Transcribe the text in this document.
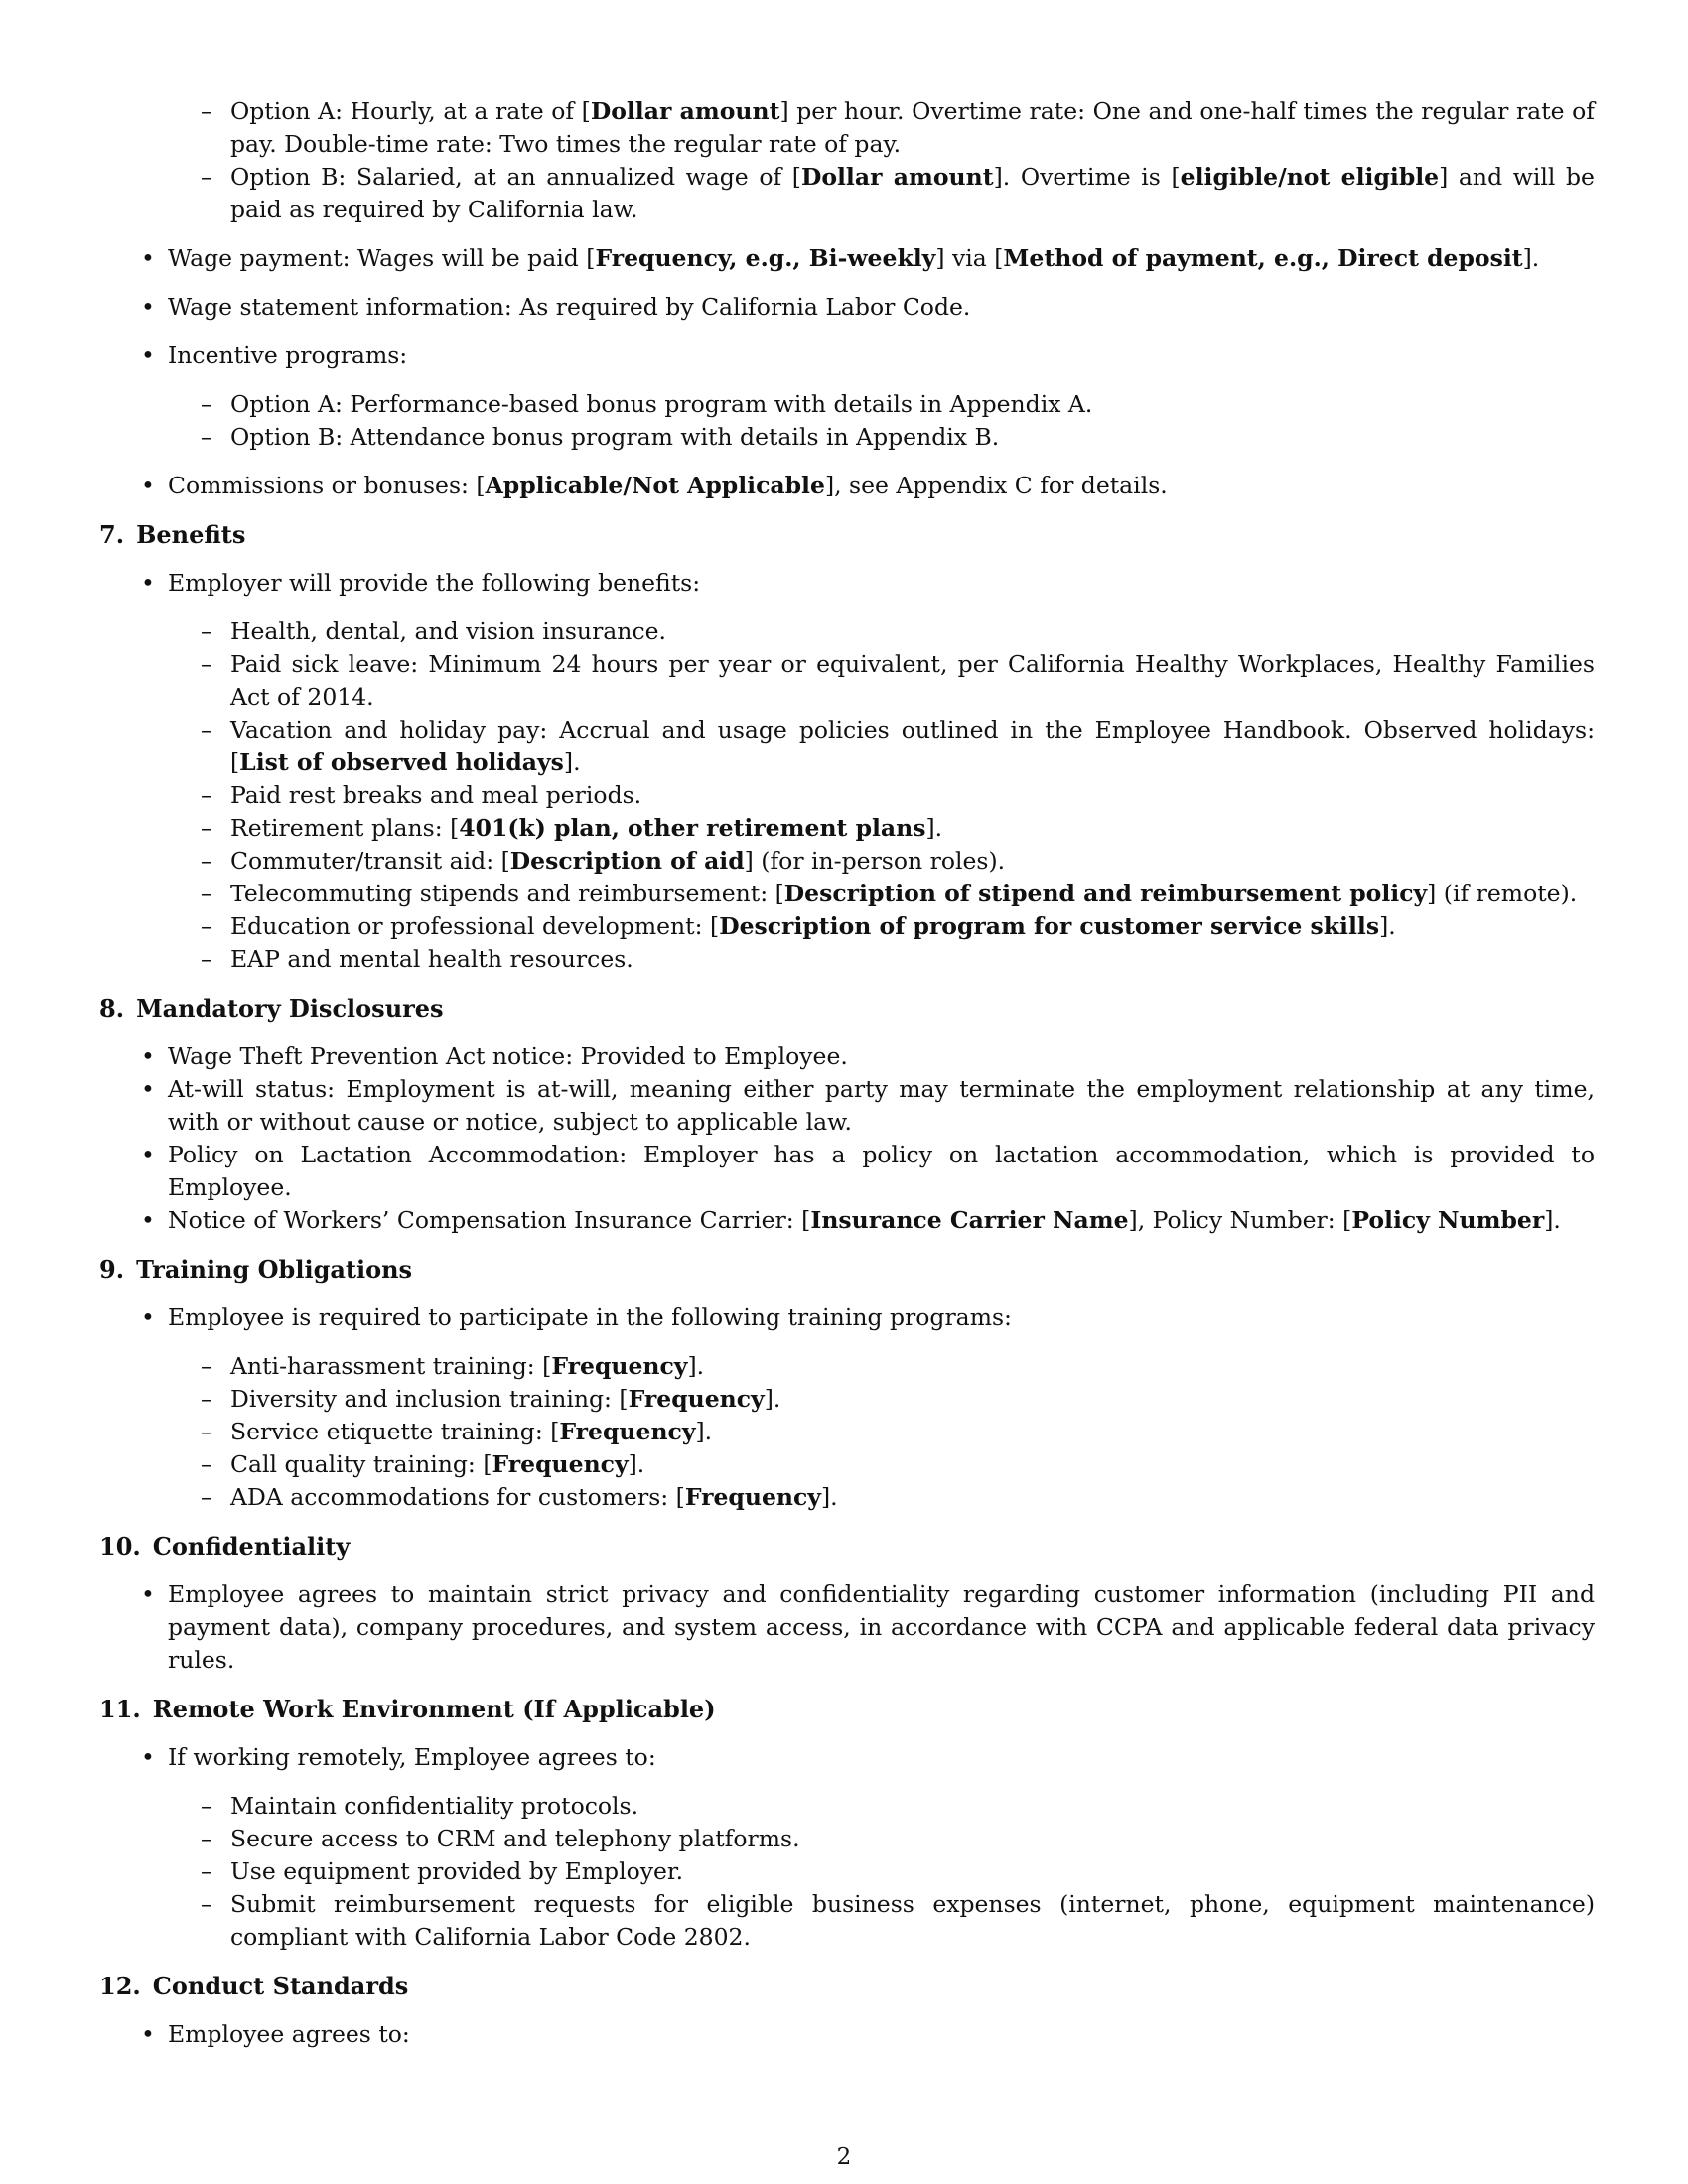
– Option A: Hourly, at a rate of [Dollar amount] per hour. Overtime rate: One and one-half times the regular rate of pay. Double-time rate: Two times the regular rate of pay.
– Option B: Salaried, at an annualized wage of [Dollar amount]. Overtime is [eligible/not eligible] and will be paid as required by California law.
• Wage payment: Wages will be paid [Frequency, e.g., Bi-weekly] via [Method of payment, e.g., Direct deposit].
• Wage statement information: As required by California Labor Code.
• Incentive programs:
– Option A: Performance-based bonus program with details in Appendix A.
– Option B: Attendance bonus program with details in Appendix B.
• Commissions or bonuses: [Applicable/Not Applicable], see Appendix C for details.
7. Benefits
• Employer will provide the following benefits:
– Health, dental, and vision insurance.
– Paid sick leave: Minimum 24 hours per year or equivalent, per California Healthy Workplaces, Healthy Families Act of 2014.
– Vacation and holiday pay: Accrual and usage policies outlined in the Employee Handbook. Observed holidays: [List of observed holidays].
– Paid rest breaks and meal periods.
– Retirement plans: [401(k) plan, other retirement plans].
– Commuter/transit aid: [Description of aid] (for in-person roles).
– Telecommuting stipends and reimbursement: [Description of stipend and reimbursement policy] (if remote).
– Education or professional development: [Description of program for customer service skills].
– EAP and mental health resources.
8. Mandatory Disclosures
• Wage Theft Prevention Act notice: Provided to Employee.
• At-will status: Employment is at-will, meaning either party may terminate the employment relationship at any time, with or without cause or notice, subject to applicable law.
• Policy on Lactation Accommodation: Employer has a policy on lactation accommodation, which is provided to Employee.
• Notice of Workers’ Compensation Insurance Carrier: [Insurance Carrier Name], Policy Number: [Policy Number].
9. Training Obligations
• Employee is required to participate in the following training programs:
– Anti-harassment training: [Frequency].
– Diversity and inclusion training: [Frequency].
– Service etiquette training: [Frequency].
– Call quality training: [Frequency].
– ADA accommodations for customers: [Frequency].
10. Confidentiality
• Employee agrees to maintain strict privacy and confidentiality regarding customer information (including PII and payment data), company procedures, and system access, in accordance with CCPA and applicable federal data privacy rules.
11. Remote Work Environment (If Applicable)
• If working remotely, Employee agrees to:
– Maintain confidentiality protocols.
– Secure access to CRM and telephony platforms.
– Use equipment provided by Employer.
– Submit reimbursement requests for eligible business expenses (internet, phone, equipment maintenance) compliant with California Labor Code 2802.
12. Conduct Standards
• Employee agrees to:
2
